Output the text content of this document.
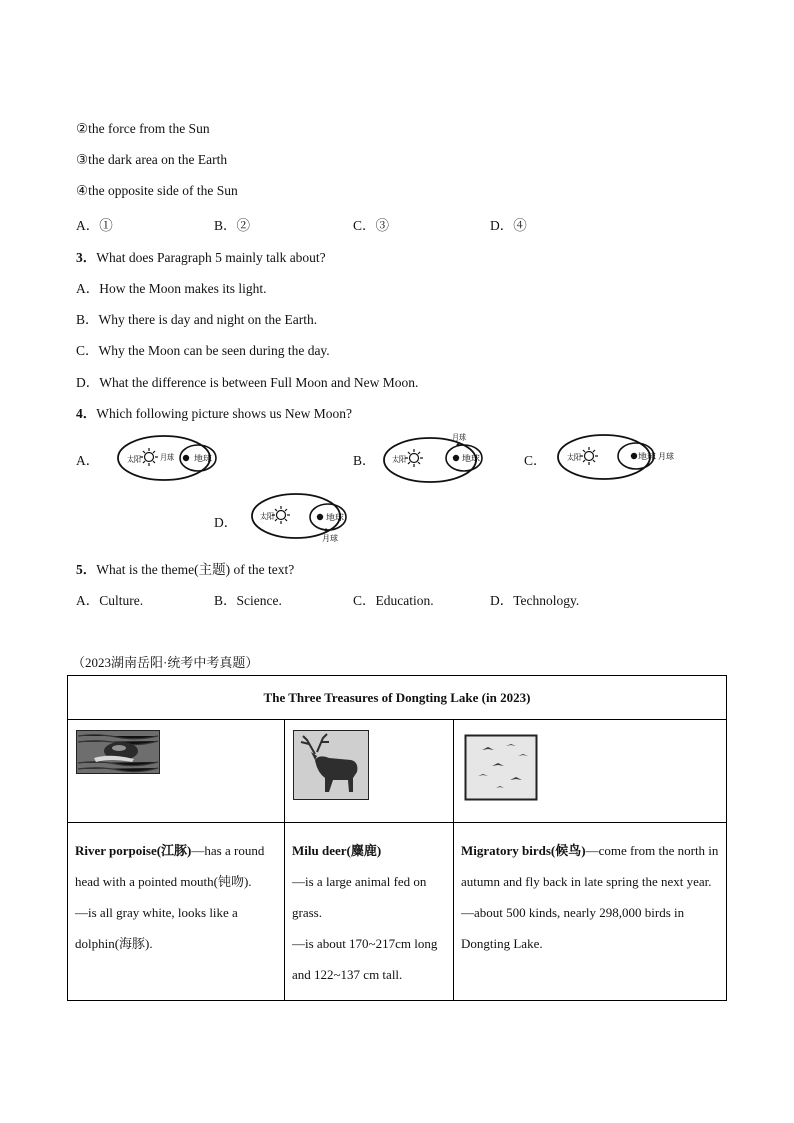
②the force from the Sun
③the dark area on the Earth
④the opposite side of the Sun
A．①	B．②	C．③	D．④
3．What does Paragraph 5 mainly talk about?
A．How the Moon makes its light.
B．Why there is day and night on the Earth.
C．Why the Moon can be seen during the day.
D．What the difference is between Full Moon and New Moon.
4．Which following picture shows us New Moon?
A．	太阳 月球 地球	B． 太阳
月球
地球	C．	太阳	地球 月球
D．	太阳	地球
月球
5．What is the theme(主题) of the text?
A．Culture.	B．Science.	C．Education.	D．Technology.
（2023湖南岳阳·统考中考真题）
The Three Treasures of Dongting Lake (in 2023)		

River porpoise(江豚)—has a round head with a pointed mouth(钝吻).
—is all gray white, looks like a dolphin(海豚).	Milu deer(麋鹿)
—is a large animal fed on grass.
—is about 170~217cm long and 122~137 cm tall.	Migratory birds(候鸟)—come from the north in autumn and fly back in late spring the next year.
—about 500 kinds, nearly 298,000 birds in Dongting Lake.
